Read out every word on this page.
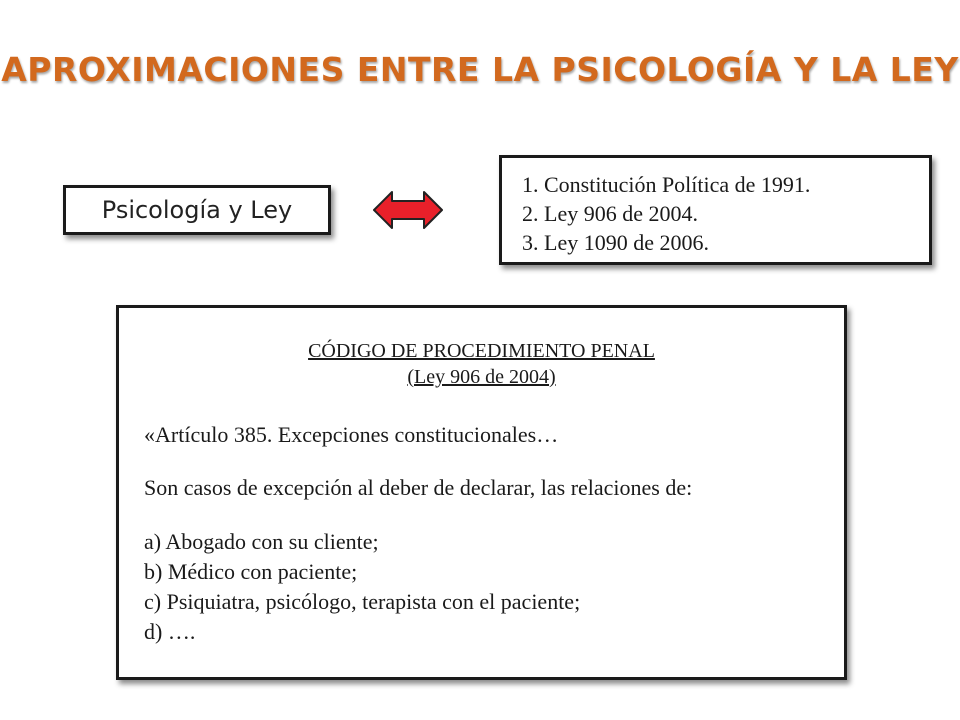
APROXIMACIONES ENTRE LA PSICOLOGÍA Y LA LEY
Psicología y Ley
1. Constitución Política de 1991.
2. Ley 906 de 2004.
3. Ley 1090 de 2006.
CÓDIGO DE PROCEDIMIENTO PENAL
(Ley 906 de 2004)
«Artículo 385. Excepciones constitucionales…
Son casos de excepción al deber de declarar, las relaciones de:
a) Abogado con su cliente;
b) Médico con paciente;
c) Psiquiatra, psicólogo, terapista con el paciente;
d) ….
